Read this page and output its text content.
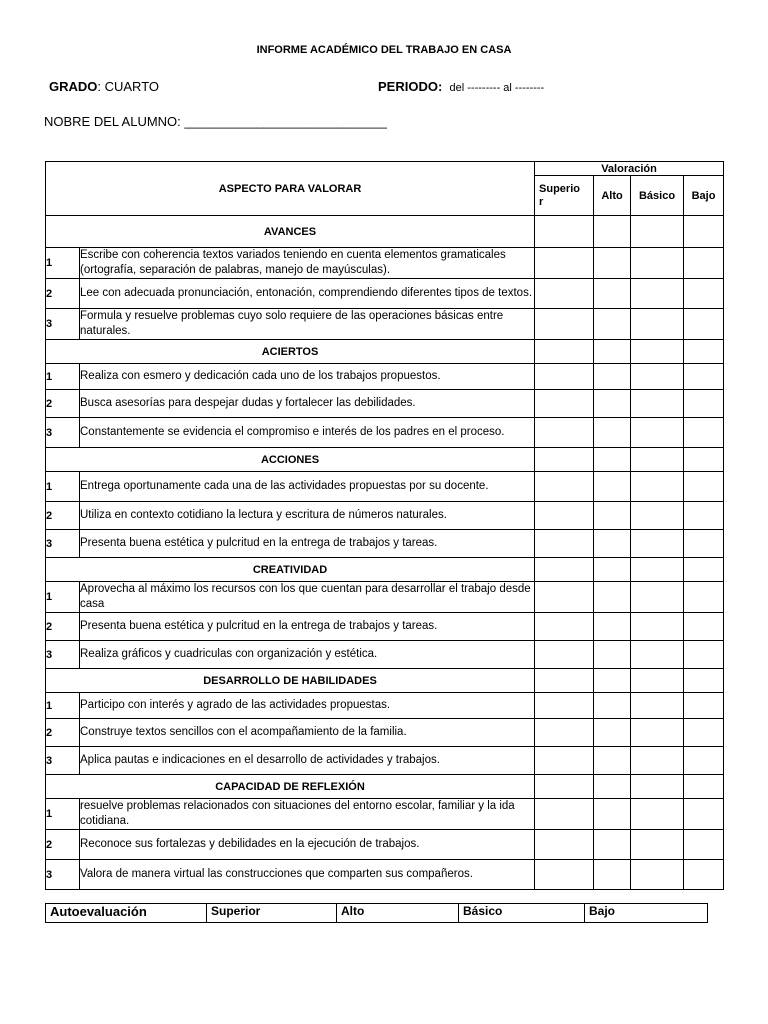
INFORME ACADÉMICO DEL TRABAJO EN CASA
GRADO: CUARTO	PERIODO: del --------- al --------
NOBRE DEL ALUMNO: ____________________________
ASPECTO PARA VALORAR		Valoración			
		Superio
r	Alto	Básico	Bajo
AVANCES					
1	Escribe con coherencia textos variados teniendo en cuenta elementos gramaticales (ortografía, separación de palabras, manejo de mayúsculas).				
2	Lee con adecuada pronunciación, entonación, comprendiendo diferentes tipos de textos.				
3	Formula y resuelve problemas cuyo solo requiere de las operaciones básicas entre naturales.				
ACIERTOS					
1	Realiza con esmero y dedicación cada uno de los trabajos propuestos.				
2	Busca asesorías para despejar dudas y fortalecer las debilidades.				
3	Constantemente se evidencia el compromiso e interés de los padres en el proceso.				
ACCIONES					
1	Entrega oportunamente cada una de las actividades propuestas por su docente.				
2	Utiliza en contexto cotidiano la lectura y escritura de números naturales.				
3	Presenta buena estética y pulcritud en la entrega de trabajos y tareas.				
CREATIVIDAD					
1	Aprovecha al máximo los recursos con los que cuentan para desarrollar el trabajo desde casa				
2	Presenta buena estética y pulcritud en la entrega de trabajos y tareas.				
3	Realiza gráficos y cuadriculas con organización y estética.				
DESARROLLO DE HABILIDADES					
1	Participo con interés y agrado de las actividades propuestas.				
2	Construye textos sencillos con el acompañamiento de la familia.				
3	Aplica pautas e indicaciones en el desarrollo de actividades y trabajos.				
CAPACIDAD DE REFLEXIÓN					
1	resuelve problemas relacionados con situaciones del entorno escolar, familiar y la ida cotidiana.				
2	Reconoce sus fortalezas y debilidades en la ejecución de trabajos.				
3	Valora de manera virtual las construcciones que comparten sus compañeros.				
Autoevaluación	Superior	Alto	Básico	Bajo
